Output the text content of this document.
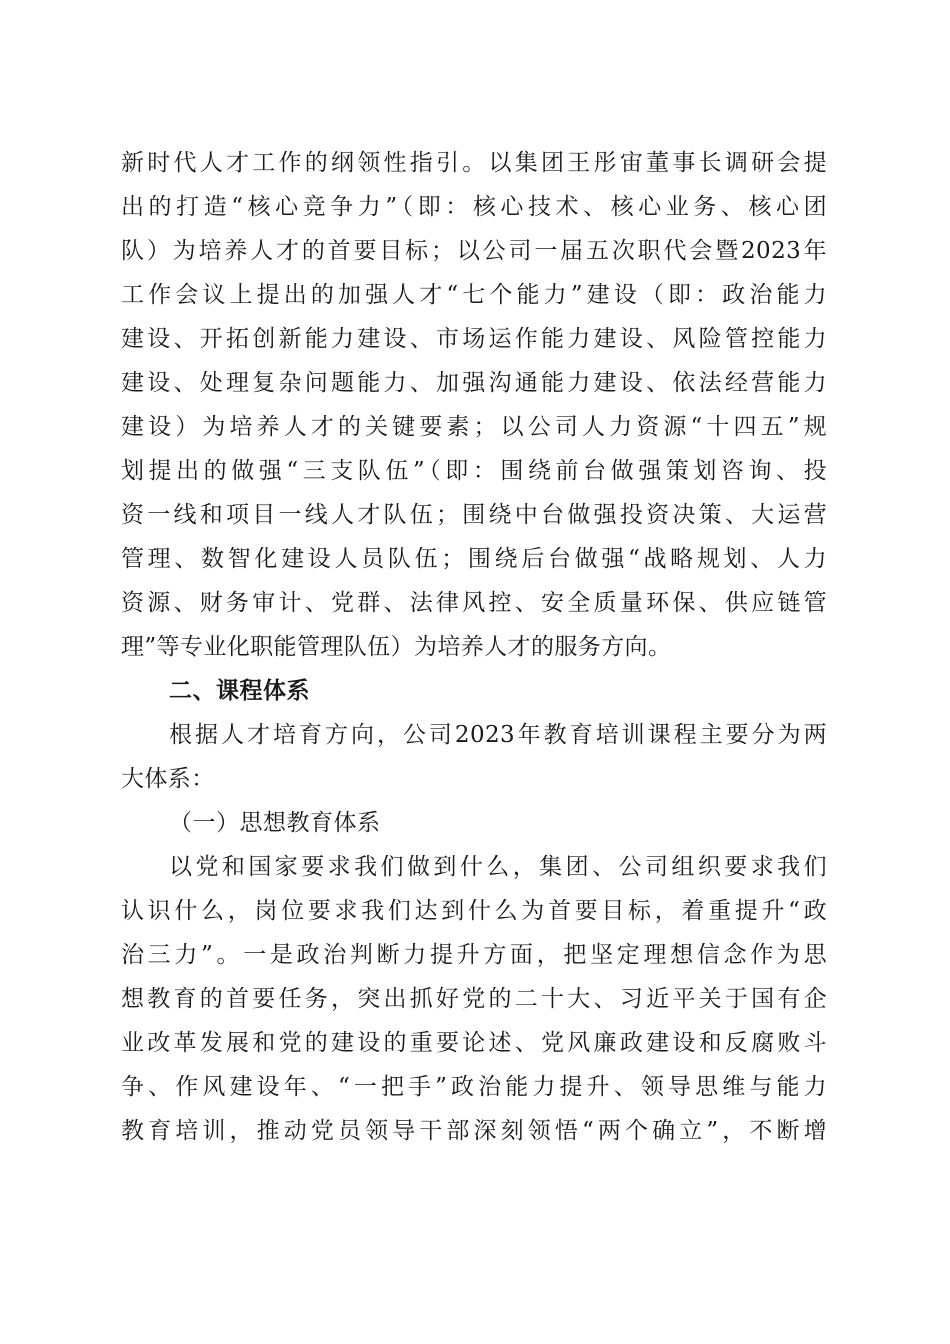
新时代人才工作的纲领性指引。以集团王彤宙董事长调研会提
出的打造“核心竞争力”（即：核心技术、核心业务、核心团
队）为培养人才的首要目标；以公司一届五次职代会暨2023年
工作会议上提出的加强人才“七个能力”建设（即：政治能力
建设、开拓创新能力建设、市场运作能力建设、风险管控能力
建设、处理复杂问题能力、加强沟通能力建设、依法经营能力
建设）为培养人才的关键要素；以公司人力资源“十四五”规
划提出的做强“三支队伍”（即：围绕前台做强策划咨询、投
资一线和项目一线人才队伍；围绕中台做强投资决策、大运营
管理、数智化建设人员队伍；围绕后台做强“战略规划、人力
资源、财务审计、党群、法律风控、安全质量环保、供应链管
理”等专业化职能管理队伍）为培养人才的服务方向。
二、课程体系
根据人才培育方向，公司2023年教育培训课程主要分为两
大体系：
（一）思想教育体系
以党和国家要求我们做到什么，集团、公司组织要求我们
认识什么，岗位要求我们达到什么为首要目标，着重提升“政
治三力”。一是政治判断力提升方面，把坚定理想信念作为思
想教育的首要任务，突出抓好党的二十大、习近平关于国有企
业改革发展和党的建设的重要论述、党风廉政建设和反腐败斗
争、作风建设年、“一把手”政治能力提升、领导思维与能力
教育培训，推动党员领导干部深刻领悟“两个确立”，不断增
